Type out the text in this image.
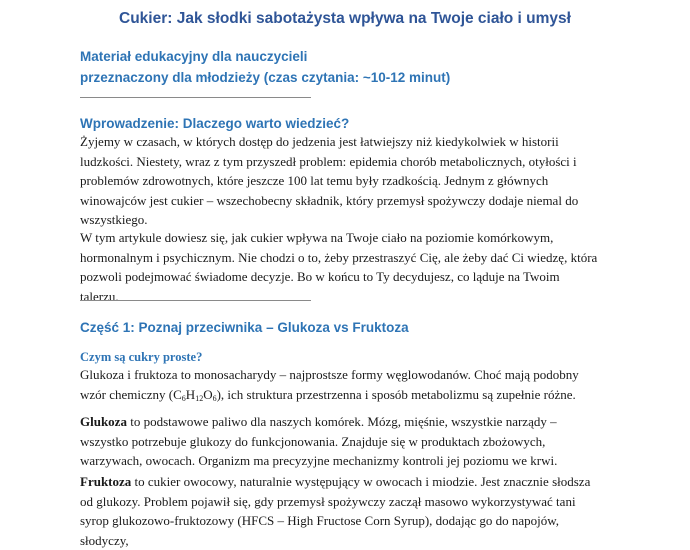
Cukier: Jak słodki sabotażysta wpływa na Twoje ciało i umysł
Materiał edukacyjny dla nauczycieli
przeznaczony dla młodzieży (czas czytania: ~10-12 minut)
Wprowadzenie: Dlaczego warto wiedzieć?

Żyjemy w czasach, w których dostęp do jedzenia jest łatwiejszy niż kiedykolwiek w historii ludzkości. Niestety, wraz z tym przyszedł problem: epidemia chorób metabolicznych, otyłości i problemów zdrowotnych, które jeszcze 100 lat temu były rzadkością. Jednym z głównych winowajców jest cukier – wszechobecny składnik, który przemysł spożywczy dodaje niemal do wszystkiego.

W tym artykule dowiesz się, jak cukier wpływa na Twoje ciało na poziomie komórkowym, hormonalnym i psychicznym. Nie chodzi o to, żeby przestraszyć Cię, ale żeby dać Ci wiedzę, która pozwoli podejmować świadome decyzje. Bo w końcu to Ty decydujesz, co ląduje na Twoim talerzu.

Część 1: Poznaj przeciwnika – Glukoza vs Fruktoza
Czym są cukry proste?

Glukoza i fruktoza to monosacharydy – najprostsze formy węglowodanów. Choć mają podobny wzór chemiczny $(C_6H_{12}O_6)$, ich struktura przestrzenna i sposób metabolizmu są zupełnie różne.

Glukoza to podstawowe paliwo dla naszych komórek. Mózg, mięśnie, wszystkie narządy – wszystko potrzebuje glukozy do funkcjonowania. Znajduje się w produktach zbożowych, warzywach, owocach. Organizm ma precyzyjne mechanizmy kontroli jej poziomu we krwi.

Fruktoza to cukier owocowy, naturalnie występujący w owocach i miodzie. Jest znacznie słodsza od glukozy. Problem pojawił się, gdy przemysł spożywczy zaczął masowo wykorzystywać tani syrop glukozowo-fruktozowy (HFCS – High Fructose Corn Syrup), dodając go do napojów, słodyczy,
